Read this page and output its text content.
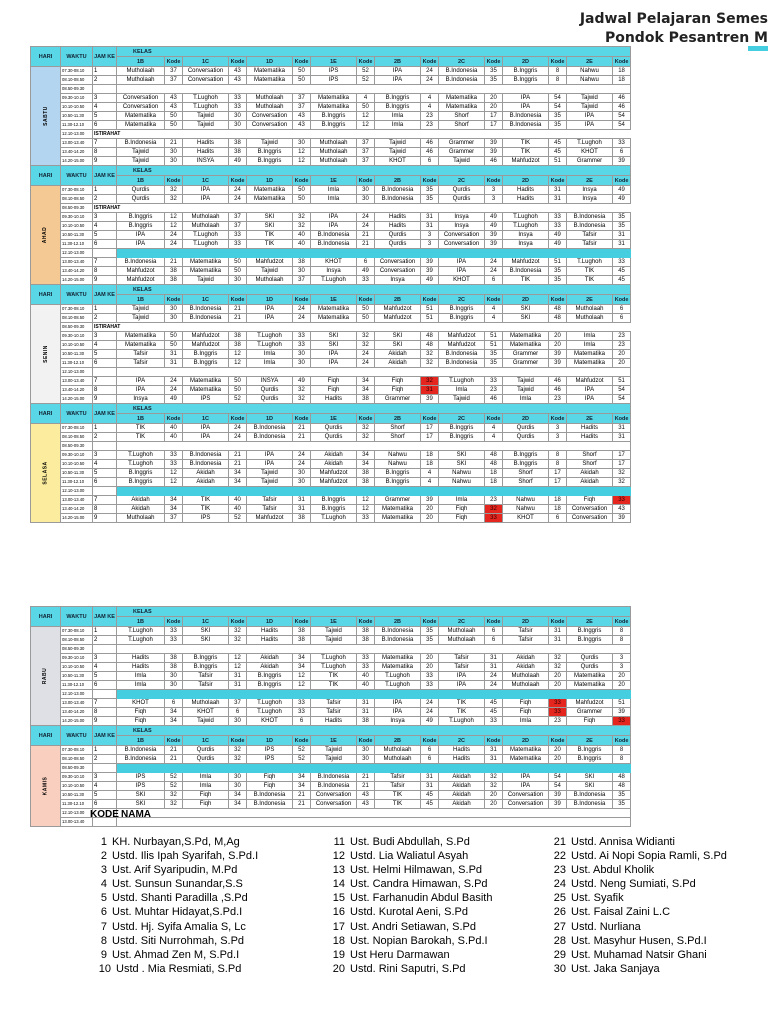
Jadwal Pelajaran Semes
Pondok Pesantren M
HARI	WAKTU	JAM KE	KELAS															
			1B	Kode	1C	Kode	1D	Kode	1E	Kode	2B	Kode	2C	Kode	2D	Kode	2E	Kode
SABTU	07.30-08.10	1	Mutholaah	37	Conversation	43	Matematika	50	IPS	52	IPA	24	B.Indonesia	35	B.Inggris	8	Nahwu	18
	08.10-08.50	2	Mutholaah	37	Conversation	43	Matematika	50	IPS	52	IPA	24	B.Indonesia	35	B.Inggris	8	Nahwu	18
	08.50-09.30																	
	09.30-10.10	3	Conversation	43	T.Lughoh	33	Mutholaah	37	Matematika	4	B.Inggris	4	Matematika	20	IPA	54	Tajwid	46
	10.10-10.50	4	Conversation	43	T.Lughoh	33	Mutholaah	37	Matematika	50	B.Inggris	4	Matematika	20	IPA	54	Tajwid	46
	10.50-11.30	5	Matematika	50	Tajwid	30	Conversation	43	B.Inggris	12	Imla	23	Shorf	17	B.Indonesia	35	IPA	54
	11.30-12.10	6	Matematika	50	Tajwid	30	Conversation	43	B.Inggris	12	Imla	23	Shorf	17	B.Indonesia	35	IPA	54
	12.10-13.00	ISTIRAHAT																
	13.00-13.40	7	B.Indonesia	21	Hadits	38	Tajwid	30	Mutholaah	37	Tajwid	46	Grammer	39	TIK	45	T.Lughoh	33
	13.40-14.20	8	Tajwid	30	Hadits	38	B.Inggris	12	Mutholaah	37	Tajwid	46	Grammer	39	TIK	45	KHOT	6
	14.20-15.00	9	Tajwid	30	INSYA	49	B.Inggris	12	Mutholaah	37	KHOT	6	Tajwid	46	Mahfudzot	51	Grammer	39
HARI	WAKTU	JAM KE	KELAS															
			1B	Kode	1C	Kode	1D	Kode	1E	Kode	2B	Kode	2C	Kode	2D	Kode	2E	Kode
AHAD	07.30-08.10	1	Qurdis	32	IPA	24	Matematika	50	Imla	30	B.Indonesia	35	Qurdis	3	Hadits	31	Insya	49
	08.10-08.50	2	Qurdis	32	IPA	24	Matematika	50	Imla	30	B.Indonesia	35	Qurdis	3	Hadits	31	Insya	49
	08.50-09.30	ISTIRAHAT																
	09.30-10.10	3	B.Inggris	12	Mutholaah	37	SKI	32	IPA	24	Hadits	31	Insya	49	T.Lughoh	33	B.Indonesia	35
	10.10-10.50	4	B.Inggris	12	Mutholaah	37	SKI	32	IPA	24	Hadits	31	Insya	49	T.Lughoh	33	B.Indonesia	35
	10.50-11.30	5	IPA	24	T.Lughoh	33	TIK	40	B.Indonesia	21	Qurdis	3	Conversation	39	Insya	49	Tafsir	31
	11.30-12.10	6	IPA	24	T.Lughoh	33	TIK	40	B.Indonesia	21	Qurdis	3	Conversation	39	Insya	49	Tafsir	31
	12.10-13.00																	
	13.00-13.40	7	B.Indonesia	21	Matematika	50	Mahfudzot	38	KHOT	6	Conversation	39	IPA	24	Mahfudzot	51	T.Lughoh	33
	13.40-14.20	8	Mahfudzot	38	Matematika	50	Tajwid	30	Insya	49	Conversation	39	IPA	24	B.Indonesia	35	TIK	45
	14.20-15.00	9	Mahfudzot	38	Tajwid	30	Mutholaah	37	T.Lughoh	33	Insya	49	KHOT	6	TIK	35	TIK	45
HARI	WAKTU	JAM KE	KELAS															
			1B	Kode	1C	Kode	1D	Kode	1E	Kode	2B	Kode	2C	Kode	2D	Kode	2E	Kode
SENIN	07.30-08.10	1	Tajwid	30	B.Indonesia	21	IPA	24	Matematika	50	Mahfudzot	51	B.Inggris	4	SKI	48	Mutholaah	6
	08.10-08.50	2	Tajwid	30	B.Indonesia	21	IPA	24	Matematika	50	Mahfudzot	51	B.Inggris	4	SKI	48	Mutholaah	6
	08.50-09.30	ISTIRAHAT																
	09.30-10.10	3	Matematika	50	Mahfudzot	38	T.Lughoh	33	SKI	32	SKI	48	Mahfudzot	51	Matematika	20	Imla	23
	10.10-10.50	4	Matematika	50	Mahfudzot	38	T.Lughoh	33	SKI	32	SKI	48	Mahfudzot	51	Matematika	20	Imla	23
	10.50-11.30	5	Tafsir	31	B.Inggris	12	Imla	30	IPA	24	Akidah	32	B.Indonesia	35	Grammer	39	Matematika	20
	11.30-12.10	6	Tafsir	31	B.Inggris	12	Imla	30	IPA	24	Akidah	32	B.Indonesia	35	Grammer	39	Matematika	20
	12.10-13.00																	
	13.00-13.40	7	IPA	24	Matematika	50	INSYA	49	Fiqh	34	Fiqh	32	T.Lughoh	33	Tajwid	46	Mahfudzot	51
	13.40-14.20	8	IPA	24	Matematika	50	Qurdis	32	Fiqh	34	Fiqh	31	Imla	23	Tajwid	46	IPA	54
	14.20-15.00	9	Insya	49	IPS	52	Qurdis	32	Hadits	38	Grammer	39	Tajwid	46	Imla	23	IPA	54
HARI	WAKTU	JAM KE	KELAS															
			1B	Kode	1C	Kode	1D	Kode	1E	Kode	2B	Kode	2C	Kode	2D	Kode	2E	Kode
SELASA	07.30-08.10	1	TIK	40	IPA	24	B.Indonesia	21	Qurdis	32	Shorf	17	B.Inggris	4	Qurdis	3	Hadits	31
	08.10-08.50	2	TIK	40	IPA	24	B.Indonesia	21	Qurdis	32	Shorf	17	B.Inggris	4	Qurdis	3	Hadits	31
	08.50-09.30																	
	09.30-10.10	3	T.Lughoh	33	B.Indonesia	21	IPA	24	Akidah	34	Nahwu	18	SKI	48	B.Inggris	8	Shorf	17
	10.10-10.50	4	T.Lughoh	33	B.Indonesia	21	IPA	24	Akidah	34	Nahwu	18	SKI	48	B.Inggris	8	Shorf	17
	10.50-11.30	5	B.Inggris	12	Akidah	34	Tajwid	30	Mahfudzot	38	B.Inggris	4	Nahwu	18	Shorf	17	Akidah	32
	11.30-12.10	6	B.Inggris	12	Akidah	34	Tajwid	30	Mahfudzot	38	B.Inggris	4	Nahwu	18	Shorf	17	Akidah	32
	12.10-13.00																	
	13.00-13.40	7	Akidah	34	TIK	40	Tafsir	31	B.Inggris	12	Grammer	39	Imla	23	Nahwu	18	Fiqh	33
	13.40-14.20	8	Akidah	34	TIK	40	Tafsir	31	B.Inggris	12	Matematika	20	Fiqh	32	Nahwu	18	Conversation	43
	14.20-15.00	9	Mutholaah	37	IPS	52	Mahfudzot	38	T.Lughoh	33	Matematika	20	Fiqh	33	KHOT	6	Conversation	39
HARI	WAKTU	JAM KE	KELAS															
			1B	Kode	1C	Kode	1D	Kode	1E	Kode	2B	Kode	2C	Kode	2D	Kode	2E	Kode
RABU	07.30-08.10	1	T.Lughoh	33	SKI	32	Hadits	38	Tajwid	38	B.Indonesia	35	Mutholaah	6	Tafsir	31	B.Inggris	8
	08.10-08.50	2	T.Lughoh	33	SKI	32	Hadits	38	Tajwid	38	B.Indonesia	35	Mutholaah	6	Tafsir	31	B.Inggris	8
	08.50-09.30																	
	09.30-10.10	3	Hadits	38	B.Inggris	12	Akidah	34	T.Lughoh	33	Matematika	20	Tafsir	31	Akidah	32	Qurdis	3
	10.10-10.50	4	Hadits	38	B.Inggris	12	Akidah	34	T.Lughoh	33	Matematika	20	Tafsir	31	Akidah	32	Qurdis	3
	10.50-11.30	5	Imla	30	Tafsir	31	B.Inggris	12	TIK	40	T.Lughoh	33	IPA	24	Mutholaah	20	Matematika	20
	11.30-12.10	6	Imla	30	Tafsir	31	B.Inggris	12	TIK	40	T.Lughoh	33	IPA	24	Mutholaah	20	Matematika	20
	12.10-13.00																	
	13.00-13.40	7	KHOT	6	Mutholaah	37	T.Lughoh	33	Tafsir	31	IPA	24	TIK	45	Fiqh	33	Mahfudzot	51
	13.40-14.20	8	Fiqh	34	KHOT	6	T.Lughoh	33	Tafsir	31	IPA	24	TIK	45	Fiqh	33	Grammer	39
	14.20-15.00	9	Fiqh	34	Tajwid	30	KHOT	6	Hadits	38	Insya	49	T.Lughoh	33	Imla	23	Fiqh	33
HARI	WAKTU	JAM KE	KELAS															
			1B	Kode	1C	Kode	1D	Kode	1E	Kode	2B	Kode	2C	Kode	2D	Kode	2E	Kode
KAMIS	07.30-08.10	1	B.Indonesia	21	Qurdis	32	IPS	52	Tajwid	30	Mutholaah	6	Hadits	31	Matematika	20	B.Inggris	8
	08.10-08.50	2	B.Indonesia	21	Qurdis	32	IPS	52	Tajwid	30	Mutholaah	6	Hadits	31	Matematika	20	B.Inggris	8
	08.50-09.30																	
	09.30-10.10	3	IPS	52	Imla	30	Fiqh	34	B.Indonesia	21	Tafsir	31	Akidah	32	IPA	54	SKI	48
	10.10-10.50	4	IPS	52	Imla	30	Fiqh	34	B.Indonesia	21	Tafsir	31	Akidah	32	IPA	54	SKI	48
	10.50-11.30	5	SKI	32	Fiqh	34	B.Indonesia	21	Conversation	43	TIK	45	Akidah	20	Conversation	39	B.Indonesia	35
	11.30-12.10	6	SKI	32	Fiqh	34	B.Indonesia	21	Conversation	43	TIK	45	Akidah	20	Conversation	39	B.Indonesia	35
	12.10-13.00																	
	13.00-13.40																	
KODE NAMA
1 KH. Nurbayan,S.Pd, M,Ag
2 Ustd. Ilis Ipah Syarifah, S.Pd.I
3 Ust. Arif Syaripudin, M.Pd
4 Ust. Sunsun Sunandar,S.S
5 Ustd. Shanti Paradilla ,S.Pd
6 Ust. Muhtar Hidayat,S.Pd.I
7 Ustd. Hj. Syifa Amalia S, Lc
8 Ustd. Siti Nurrohmah, S.Pd
9 Ust. Ahmad Zen M, S.Pd.I
10 Ustd . Mia Resmiati, S.Pd
11 Ust. Budi Abdullah, S.Pd
12 Ustd. Lia Waliatul Asyah
13 Ust. Helmi Hilmawan, S.Pd
14 Ust. Candra Himawan, S.Pd
15 Ust. Farhanudin Abdul Basith
16 Ustd. Kurotal Aeni, S.Pd
17 Ust. Andri Setiawan, S.Pd
18 Ust. Nopian Barokah, S.Pd.I
19 Ust Heru Darmawan
20 Ustd. Rini Saputri, S.Pd
21 Ustd. Annisa Widianti
22 Ustd. Ai Nopi Sopia Ramli, S.Pd
23 Ust. Abdul Kholik
24 Ustd. Neng Sumiati, S.Pd
25 Ust. Syafik
26 Ust. Faisal Zaini L.C
27 Ustd. Nurliana
28 Ust. Masyhur Husen, S.Pd.I
29 Ust. Muhamad Natsir Ghani
30 Ust. Jaka Sanjaya
